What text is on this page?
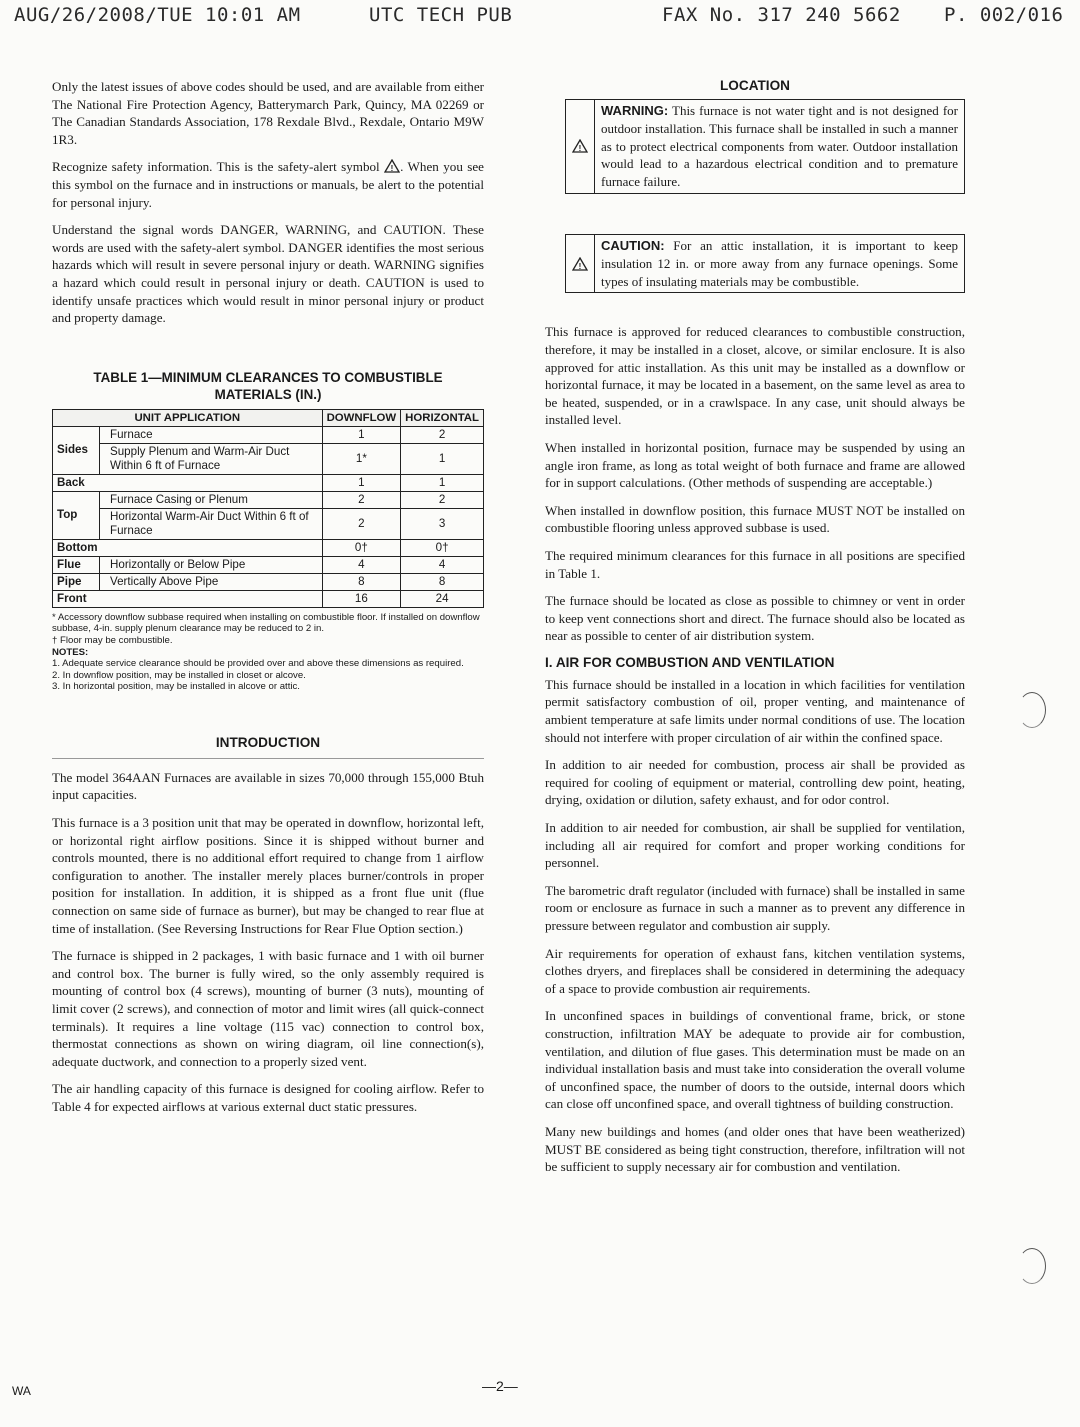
AUG/26/2008/TUE 10:01 AM	UTC TECH PUB	FAX No. 317 240 5662 P. 002/016

Only the latest issues of above codes should be used, and are available from either The National Fire Protection Agency, Batterymarch Park, Quincy, MA 02269 or The Canadian Standards Association, 178 Rexdale Blvd., Rexdale, Ontario M9W 1R3.

Recognize safety information. This is the safety-alert symbol ! . When you see this symbol on the furnace and in instructions or manuals, be alert to the potential for personal injury.

Understand the signal words DANGER, WARNING, and CAUTION. These words are used with the safety-alert symbol. DANGER identifies the most serious hazards which will result in severe personal injury or death. WARNING signifies a hazard which could result in personal injury or death. CAUTION is used to identify unsafe practices which would result in minor personal injury or product and property damage.

TABLE 1—MINIMUM CLEARANCES TO COMBUSTIBLE
MATERIALS (IN.)
UNIT APPLICATION		DOWNFLOW	HORIZONTAL
Sides	Furnace	1	2
	Supply Plenum and Warm-Air Duct Within 6 ft of Furnace	1*	1
Back		1	1
Top	Furnace Casing or Plenum	2	2
	Horizontal Warm-Air Duct Within 6 ft of Furnace	2	3
Bottom		0†	0†
Flue	Horizontally or Below Pipe	4	4
Pipe	Vertically Above Pipe	8	8
Front		16	24
* Accessory downflow subbase required when installing on combustible floor. If installed on downflow subbase, 4-in. supply plenum clearance may be reduced to 2 in.
† Floor may be combustible.
NOTES:
1. Adequate service clearance should be provided over and above these dimensions as required.
2. In downflow position, may be installed in closet or alcove.
3. In horizontal position, may be installed in alcove or attic.
INTRODUCTION

The model 364AAN Furnaces are available in sizes 70,000 through 155,000 Btuh input capacities.

This furnace is a 3 position unit that may be operated in downflow, horizontal left, or horizontal right airflow positions. Since it is shipped without burner and controls mounted, there is no additional effort required to change from 1 airflow configuration to another. The installer merely places burner/controls in proper position for installation. In addition, it is shipped as a front flue unit (flue connection on same side of furnace as burner), but may be changed to rear flue at time of installation. (See Reversing Instructions for Rear Flue Option section.)

The furnace is shipped in 2 packages, 1 with basic furnace and 1 with oil burner and control box. The burner is fully wired, so the only assembly required is mounting of control box (4 screws), mounting of burner (3 nuts), mounting of limit cover (2 screws), and connection of motor and limit wires (all quick-connect terminals). It requires a line voltage (115 vac) connection to control box, thermostat connections as shown on wiring diagram, oil line connection(s), adequate ductwork, and connection to a properly sized vent.

The air handling capacity of this furnace is designed for cooling airflow. Refer to Table 4 for expected airflows at various external duct static pressures.

LOCATION
!
WARNING: This furnace is not water tight and is not designed for outdoor installation. This furnace shall be installed in such a manner as to protect electrical components from water. Outdoor installation would lead to a hazardous electrical condition and to premature furnace failure.
!
CAUTION: For an attic installation, it is important to keep insulation 12 in. or more away from any furnace openings. Some types of insulating materials may be combustible.

This furnace is approved for reduced clearances to combustible construction, therefore, it may be installed in a closet, alcove, or similar enclosure. It is also approved for attic installation. As this unit may be installed as a downflow or horizontal furnace, it may be located in a basement, on the same level as area to be heated, suspended, or in a crawlspace. In any case, unit should always be installed level.

When installed in horizontal position, furnace may be suspended by using an angle iron frame, as long as total weight of both furnace and frame are allowed for in support calculations. (Other methods of suspending are acceptable.)

When installed in downflow position, this furnace MUST NOT be installed on combustible flooring unless approved subbase is used.

The required minimum clearances for this furnace in all positions are specified in Table 1.

The furnace should be located as close as possible to chimney or vent in order to keep vent connections short and direct. The furnace should also be located as near as possible to center of air distribution system.

I. AIR FOR COMBUSTION AND VENTILATION

This furnace should be installed in a location in which facilities for ventilation permit satisfactory combustion of oil, proper venting, and maintenance of ambient temperature at safe limits under normal conditions of use. The location should not interfere with proper circulation of air within the confined space.

In addition to air needed for combustion, process air shall be provided as required for cooling of equipment or material, controlling dew point, heating, drying, oxidation or dilution, safety exhaust, and for odor control.

In addition to air needed for combustion, air shall be supplied for ventilation, including all air required for comfort and proper working conditions for personnel.

The barometric draft regulator (included with furnace) shall be installed in same room or enclosure as furnace in such a manner as to prevent any difference in pressure between regulator and combustion air supply.

Air requirements for operation of exhaust fans, kitchen ventilation systems, clothes dryers, and fireplaces shall be considered in determining the adequacy of a space to provide combustion air requirements.

In unconfined spaces in buildings of conventional frame, brick, or stone construction, infiltration MAY be adequate to provide air for combustion, ventilation, and dilution of flue gases. This determination must be made on an individual installation basis and must take into consideration the overall volume of unconfined space, the number of doors to the outside, internal doors which can close off unconfined space, and overall tightness of building construction.

Many new buildings and homes (and older ones that have been weatherized) MUST BE considered as being tight construction, therefore, infiltration will not be sufficient to supply necessary air for combustion and ventilation.

WA	—2—
